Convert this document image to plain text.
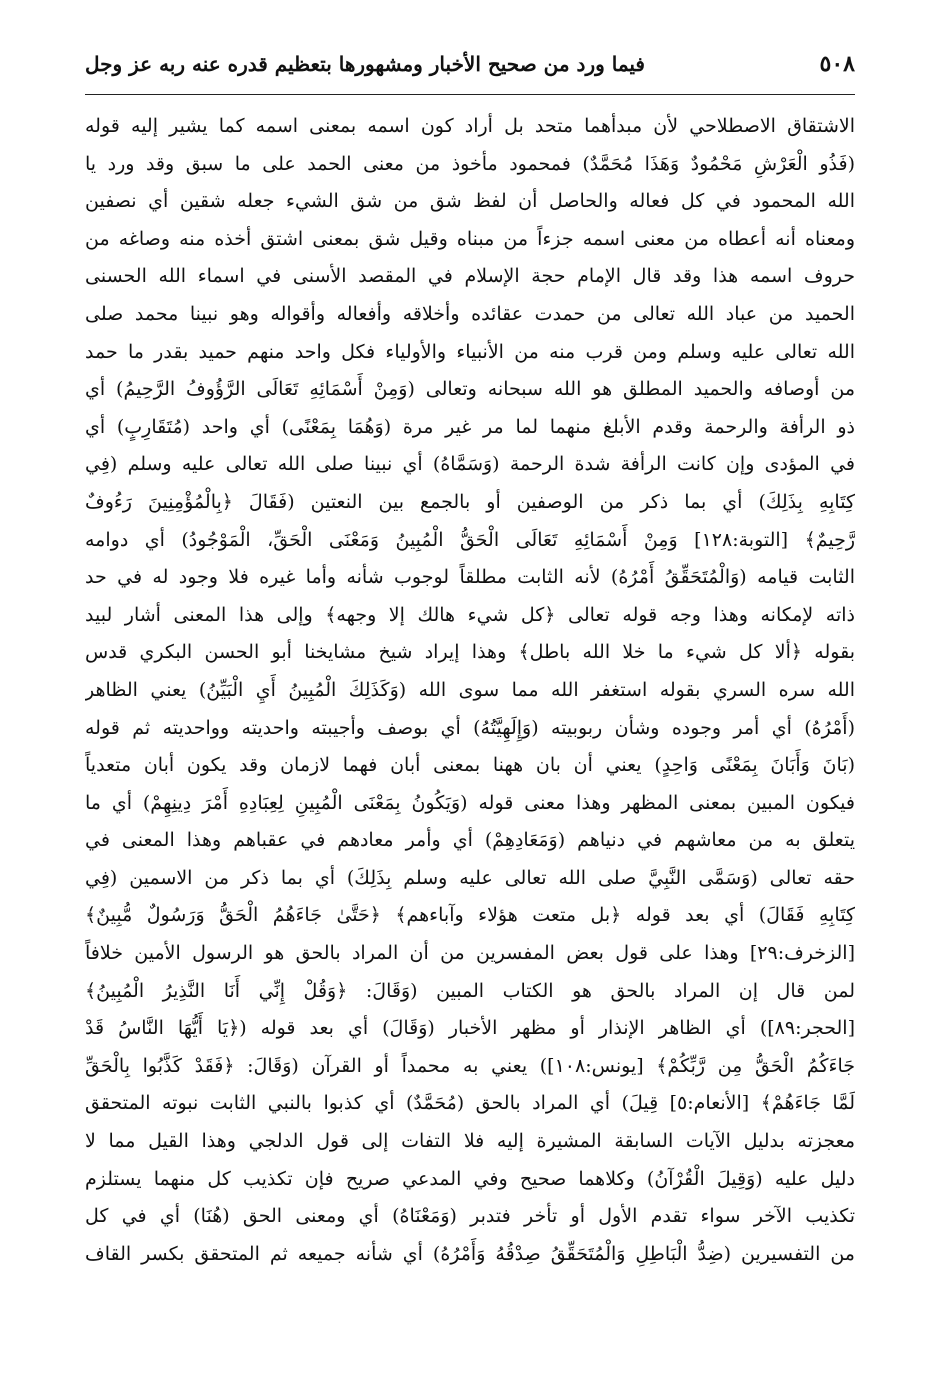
٥٠٨
فيما ورد من صحيح الأخبار ومشهورها بتعظيم قدره عنه ربه عز وجل
الاشتقاق الاصطلاحي لأن مبدأهما متحد بل أراد كون اسمه بمعنى اسمه كما يشير إليه قوله
(فَذُو الْعَرْشِ مَحْمُودٌ وَهَذَا مُحَمَّدٌ) فمحمود مأخوذ من معنى الحمد على ما سبق وقد ورد يا
الله المحمود في كل فعاله والحاصل أن لفظ شق من شق الشيء جعله شقين أي نصفين
ومعناه أنه أعطاه من معنى اسمه جزءاً من مبناه وقيل شق بمعنى اشتق أخذه منه وصاغه من
حروف اسمه هذا وقد قال الإمام حجة الإسلام في المقصد الأسنى في اسماء الله الحسنى
الحميد من عباد الله تعالى من حمدت عقائده وأخلاقه وأفعاله وأقواله وهو نبينا محمد صلى
الله تعالى عليه وسلم ومن قرب منه من الأنبياء والأولياء فكل واحد منهم حميد بقدر ما حمد
من أوصافه والحميد المطلق هو الله سبحانه وتعالى (وَمِنْ أَسْمَائِهِ تَعَالَى الرَّؤُوفُ الرَّحِيمُ) أي
ذو الرأفة والرحمة وقدم الأبلغ منهما لما مر غير مرة (وَهُمَا بِمَعْنًى) أي واحد (مُتَقَارِبٍ) أي
في المؤدى وإن كانت الرأفة شدة الرحمة (وَسَمَّاهُ) أي نبينا صلى الله تعالى عليه وسلم (فِي
كِتَابِهِ بِذَلِكَ) أي بما ذكر من الوصفين أو بالجمع بين النعتين (فَقَالَ ﴿بِالْمُؤْمِنِينَ رَءُوفٌ
رَّحِيمٌ﴾ [التوبة:١٢٨] وَمِنْ أَسْمَائِهِ تَعَالَى الْحَقُّ الْمُبِينُ وَمَعْنَى الْحَقِّ، الْمَوْجُودُ) أي دوامه
الثابت قيامه (وَالْمُتَحَقِّقُ أَمْرُهُ) لأنه الثابت مطلقاً لوجوب شأنه وأما غيره فلا وجود له في حد
ذاته لإمكانه وهذا وجه قوله تعالى ﴿كل شيء هالك إلا وجهه﴾ وإلى هذا المعنى أشار لبيد
بقوله ﴿ألا كل شيء ما خلا الله باطل﴾ وهذا إيراد شيخ مشايخنا أبو الحسن البكري قدس
الله سره السري بقوله استغفر الله مما سوى الله (وَكَذَلِكَ الْمُبِينُ أَيِ الْبَيِّنُ) يعني الظاهر
(أَمْرُهُ) أي أمر وجوده وشأن ربوبيته (وَإِلَهِيَّتُهُ) أي بوصف وأجيبته واحديته وواحديته ثم قوله
(بَانَ وَأَبَانَ بِمَعْنًى وَاحِدٍ) يعني أن بان ههنا بمعنى أبان فهما لازمان وقد يكون أبان متعدياً
فيكون المبين بمعنى المظهر وهذا معنى قوله (وَيَكُونُ بِمَعْنَى الْمُبِينِ لِعِبَادِهِ أَمْرَ دِينِهِمْ) أي ما
يتعلق به من معاشهم في دنياهم (وَمَعَادِهِمْ) أي وأمر معادهم في عقباهم وهذا المعنى في
حقه تعالى (وَسَمَّى النَّبِيَّ صلى الله تعالى عليه وسلم بِذَلِكَ) أي بما ذكر من الاسمين (فِي
كِتَابِهِ فَقَالَ) أي بعد قوله ﴿بل متعت هؤلاء وآباءهم﴾ ﴿حَتَّىٰ جَاءَهُمُ الْحَقُّ وَرَسُولٌ مُّبِينٌ﴾
[الزخرف:٢٩] وهذا على قول بعض المفسرين من أن المراد بالحق هو الرسول الأمين خلافاً
لمن قال إن المراد بالحق هو الكتاب المبين (وَقَالَ: ﴿وَقُلْ إِنِّي أَنَا النَّذِيرُ الْمُبِينُ﴾
[الحجر:٨٩]) أي الظاهر الإنذار أو مظهر الأخبار (وَقَالَ) أي بعد قوله (﴿يَا أَيُّهَا النَّاسُ قَدْ
جَاءَكُمُ الْحَقُّ مِن رَّبِّكُمْ﴾ [يونس:١٠٨]) يعني به محمداً أو القرآن (وَقَالَ: ﴿فَقَدْ كَذَّبُوا بِالْحَقِّ
لَمَّا جَاءَهُمْ﴾ [الأنعام:٥] قِيلَ) أي المراد بالحق (مُحَمَّدٌ) أي كذبوا بالنبي الثابت نبوته المتحقق
معجزته بدليل الآيات السابقة المشيرة إليه فلا التفات إلى قول الدلجي وهذا القيل مما لا
دليل عليه (وَقِيلَ الْقُرْآنُ) وكلاهما صحيح وفي المدعي صريح فإن تكذيب كل منهما يستلزم
تكذيب الآخر سواء تقدم الأول أو تأخر فتدبر (وَمَعْنَاهُ) أي ومعنى الحق (هُنَا) أي في كل
من التفسيرين (ضِدُّ الْبَاطِلِ وَالْمُتَحَقِّقُ صِدْقُهُ وَأَمْرُهُ) أي شأنه جميعه ثم المتحقق بكسر القاف
